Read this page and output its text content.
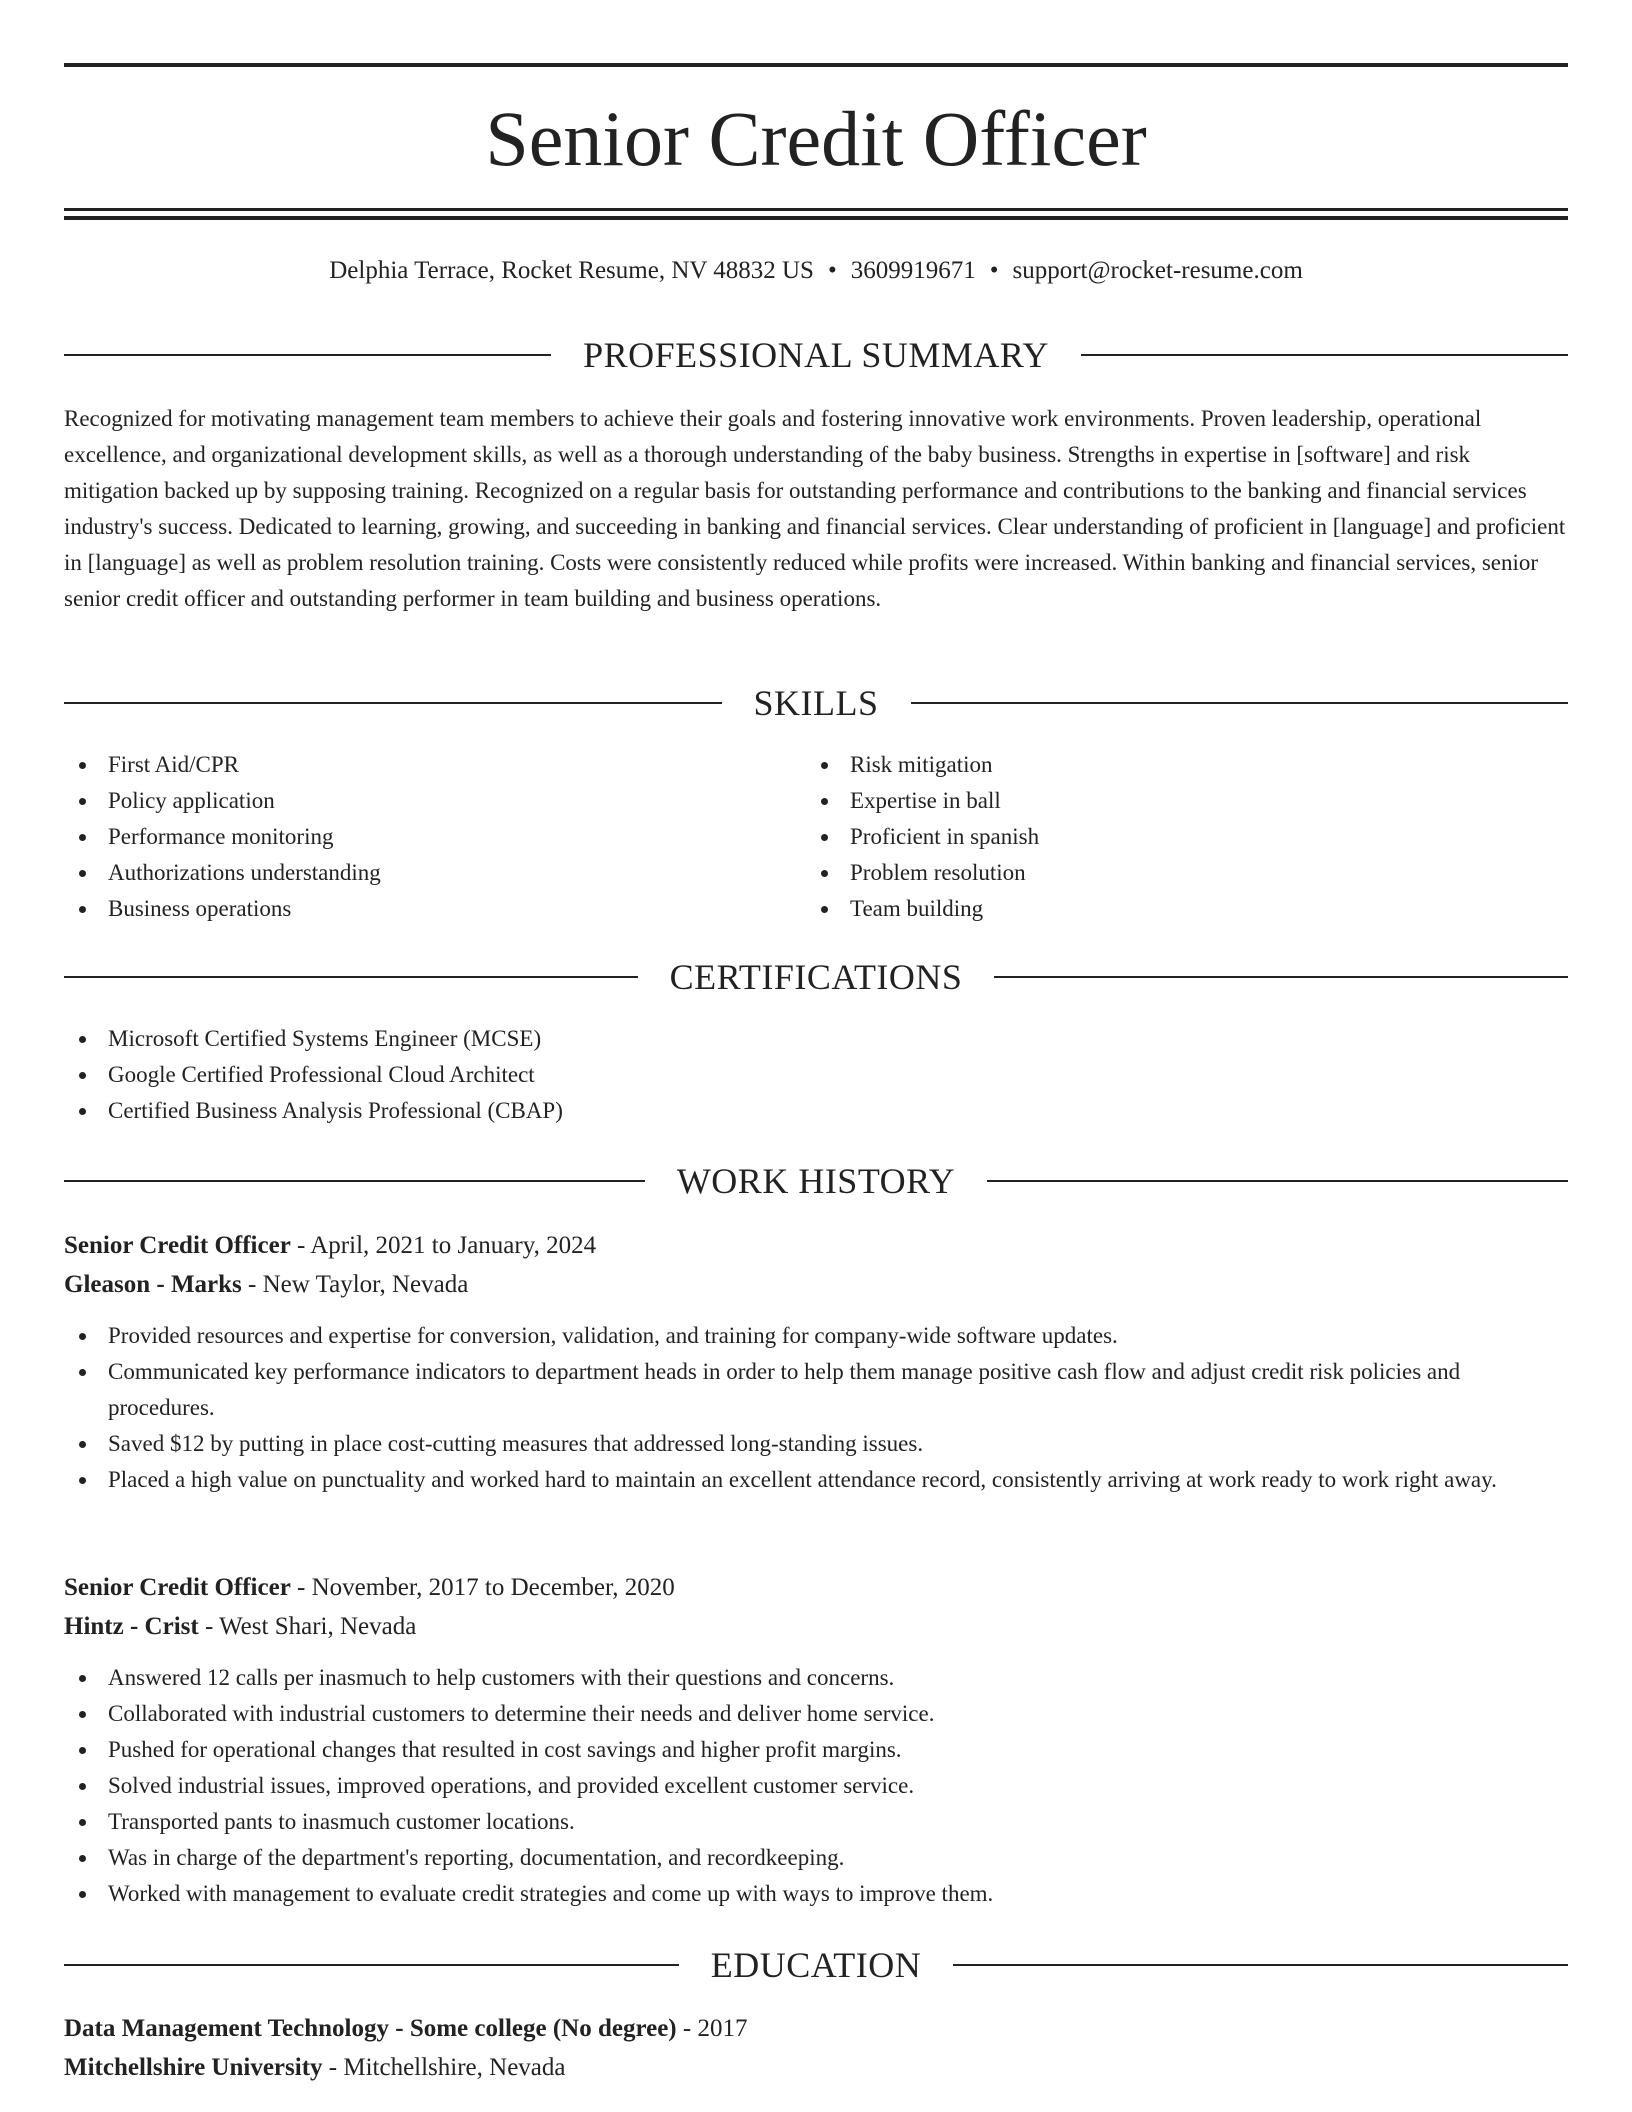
Senior Credit Officer
Delphia Terrace, Rocket Resume, NV 48832 US • 3609919671 • support@rocket-resume.com
PROFESSIONAL SUMMARY

Recognized for motivating management team members to achieve their goals and fostering innovative work environments. Proven leadership, operational excellence, and organizational development skills, as well as a thorough understanding of the baby business. Strengths in expertise in [software] and risk mitigation backed up by supposing training. Recognized on a regular basis for outstanding performance and contributions to the banking and financial services industry's success. Dedicated to learning, growing, and succeeding in banking and financial services. Clear understanding of proficient in [language] and proficient in [language] as well as problem resolution training. Costs were consistently reduced while profits were increased. Within banking and financial services, senior senior credit officer and outstanding performer in team building and business operations.

SKILLS
First Aid/CPR
Policy application
Performance monitoring
Authorizations understanding
Business operations
Risk mitigation
Expertise in ball
Proficient in spanish
Problem resolution
Team building
CERTIFICATIONS
Microsoft Certified Systems Engineer (MCSE)
Google Certified Professional Cloud Architect
Certified Business Analysis Professional (CBAP)
WORK HISTORY
Senior Credit Officer - April, 2021 to January, 2024
Gleason - Marks - New Taylor, Nevada
Provided resources and expertise for conversion, validation, and training for company-wide software updates.
Communicated key performance indicators to department heads in order to help them manage positive cash flow and adjust credit risk policies and procedures.
Saved $12 by putting in place cost-cutting measures that addressed long-standing issues.
Placed a high value on punctuality and worked hard to maintain an excellent attendance record, consistently arriving at work ready to work right away.
Senior Credit Officer - November, 2017 to December, 2020
Hintz - Crist - West Shari, Nevada
Answered 12 calls per inasmuch to help customers with their questions and concerns.
Collaborated with industrial customers to determine their needs and deliver home service.
Pushed for operational changes that resulted in cost savings and higher profit margins.
Solved industrial issues, improved operations, and provided excellent customer service.
Transported pants to inasmuch customer locations.
Was in charge of the department's reporting, documentation, and recordkeeping.
Worked with management to evaluate credit strategies and come up with ways to improve them.
EDUCATION
Data Management Technology - Some college (No degree) - 2017
Mitchellshire University - Mitchellshire, Nevada
